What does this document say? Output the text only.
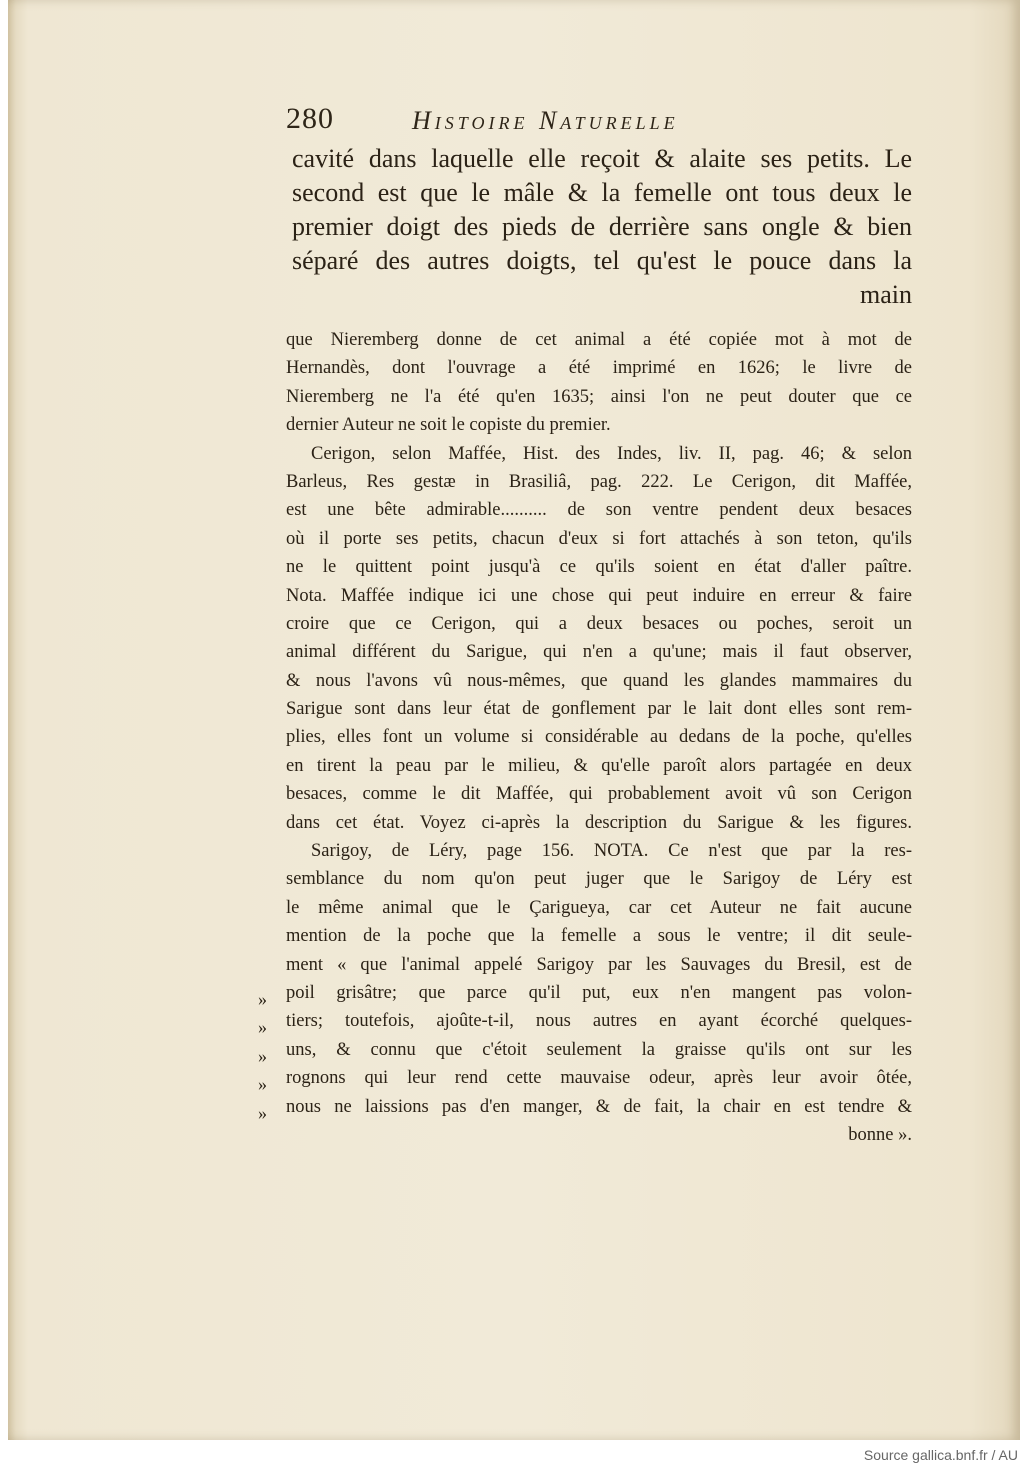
280	Histoire Naturelle

cavité dans laquelle elle reçoit & alaite ses petits. Le

second est que le mâle & la femelle ont tous deux le

premier doigt des pieds de derrière sans ongle & bien

séparé des autres doigts, tel qu'est le pouce dans la

main

que Nieremberg donne de cet animal a été copiée mot à mot de
Hernandès, dont l'ouvrage a été imprimé en 1626; le livre de
Nieremberg ne l'a été qu'en 1635; ainsi l'on ne peut douter que ce
dernier Auteur ne soit le copiste du premier.
Cerigon, selon Maffée, Hist. des Indes, liv. II, pag. 46; & selon
Barleus, Res gestæ in Brasiliâ, pag. 222. Le Cerigon, dit Maffée,
est une bête admirable.......... de son ventre pendent deux besaces
où il porte ses petits, chacun d'eux si fort attachés à son teton, qu'ils
ne le quittent point jusqu'à ce qu'ils soient en état d'aller paître.
Nota. Maffée indique ici une chose qui peut induire en erreur & faire
croire que ce Cerigon, qui a deux besaces ou poches, seroit un
animal différent du Sarigue, qui n'en a qu'une; mais il faut observer,
& nous l'avons vû nous-mêmes, que quand les glandes mammaires du
Sarigue sont dans leur état de gonflement par le lait dont elles sont rem-
plies, elles font un volume si considérable au dedans de la poche, qu'elles
en tirent la peau par le milieu, & qu'elle paroît alors partagée en deux
besaces, comme le dit Maffée, qui probablement avoit vû son Cerigon
dans cet état. Voyez ci-après la description du Sarigue & les figures.
Sarigoy, de Léry, page 156. NOTA. Ce n'est que par la res-
semblance du nom qu'on peut juger que le Sarigoy de Léry est
le même animal que le Çarigueya, car cet Auteur ne fait aucune
mention de la poche que la femelle a sous le ventre; il dit seule-
ment « que l'animal appelé Sarigoy par les Sauvages du Bresil, est de
poil grisâtre; que parce qu'il put, eux n'en mangent pas volon-
tiers; toutefois, ajoûte-t-il, nous autres en ayant écorché quelques-
uns, & connu que c'étoit seulement la graisse qu'ils ont sur les
rognons qui leur rend cette mauvaise odeur, après leur avoir ôtée,
nous ne laissions pas d'en manger, & de fait, la chair en est tendre &
bonne ».
»
»
»
»
»
Source gallica.bnf.fr / AU
